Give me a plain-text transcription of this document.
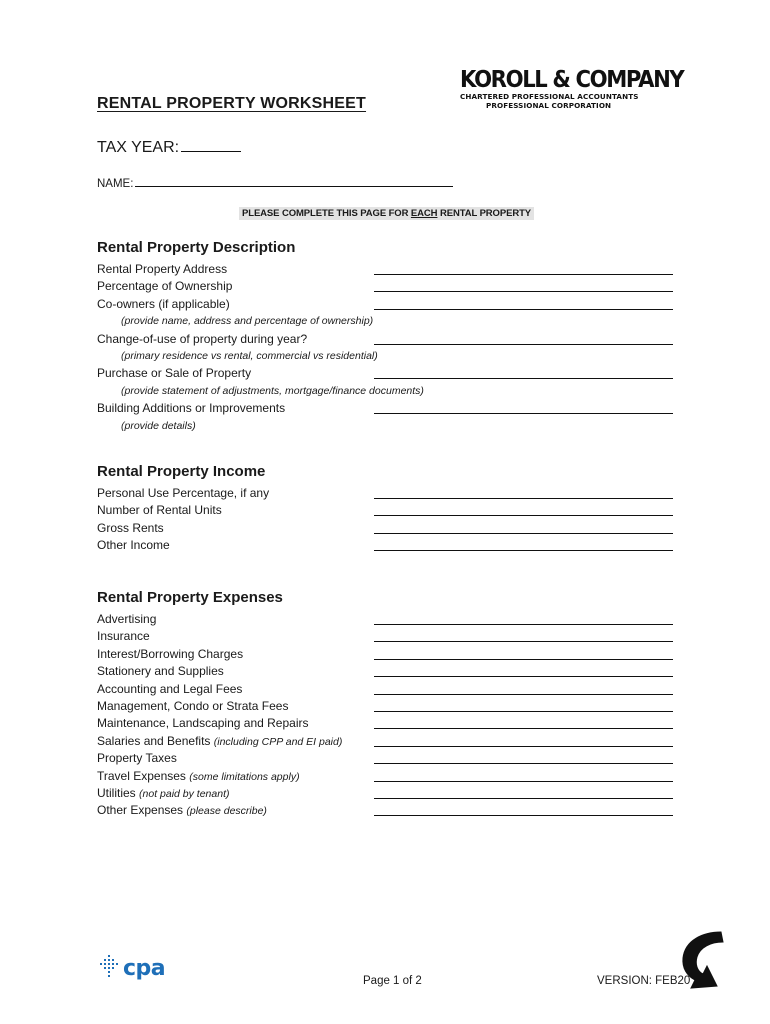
KOROLL & COMPANY
CHARTERED PROFESSIONAL ACCOUNTANTS
PROFESSIONAL CORPORATION
RENTAL PROPERTY WORKSHEET
TAX YEAR:
NAME:
PLEASE COMPLETE THIS PAGE FOR EACH RENTAL PROPERTY
Rental Property Description
Rental Property Address
Percentage of Ownership
Co-owners (if applicable)
(provide name, address and percentage of ownership)
Change-of-use of property during year?
(primary residence vs rental, commercial vs residential)
Purchase or Sale of Property
(provide statement of adjustments, mortgage/finance documents)
Building Additions or Improvements
(provide details)
Rental Property Income
Personal Use Percentage, if any
Number of Rental Units
Gross Rents
Other Income
Rental Property Expenses
Advertising
Insurance
Interest/Borrowing Charges
Stationery and Supplies
Accounting and Legal Fees
Management, Condo or Strata Fees
Maintenance, Landscaping and Repairs
Salaries and Benefits (including CPP and EI paid)
Property Taxes
Travel Expenses (some limitations apply)
Utilities (not paid by tenant)
Other Expenses (please describe)
cpa	Page 1 of 2	VERSION: FEB20
